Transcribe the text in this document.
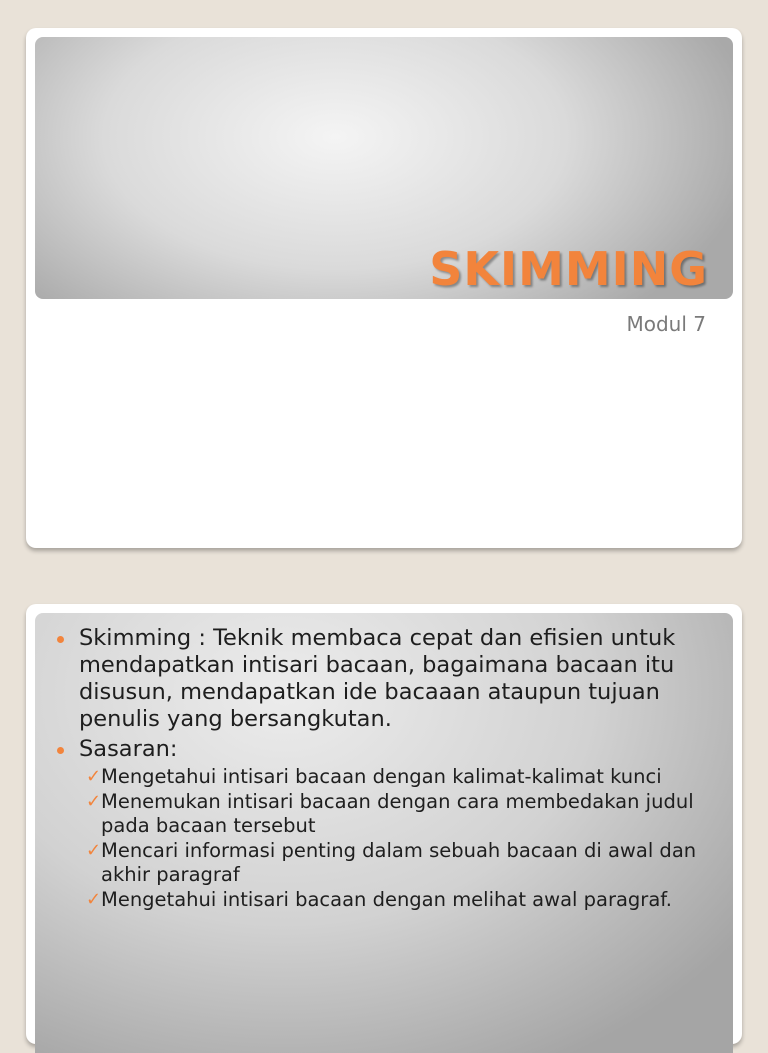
SKIMMING
Modul 7
Skimming : Teknik membaca cepat dan efisien untuk mendapatkan intisari bacaan, bagaimana bacaan itu disusun, mendapatkan ide bacaaan ataupun tujuan penulis yang bersangkutan.
Sasaran:
✓ Mengetahui intisari bacaan dengan kalimat-kalimat kunci
✓ Menemukan intisari bacaan dengan cara membedakan judul pada bacaan tersebut
✓ Mencari informasi penting dalam sebuah bacaan di awal dan akhir paragraf
✓ Mengetahui intisari bacaan dengan melihat awal paragraf.
